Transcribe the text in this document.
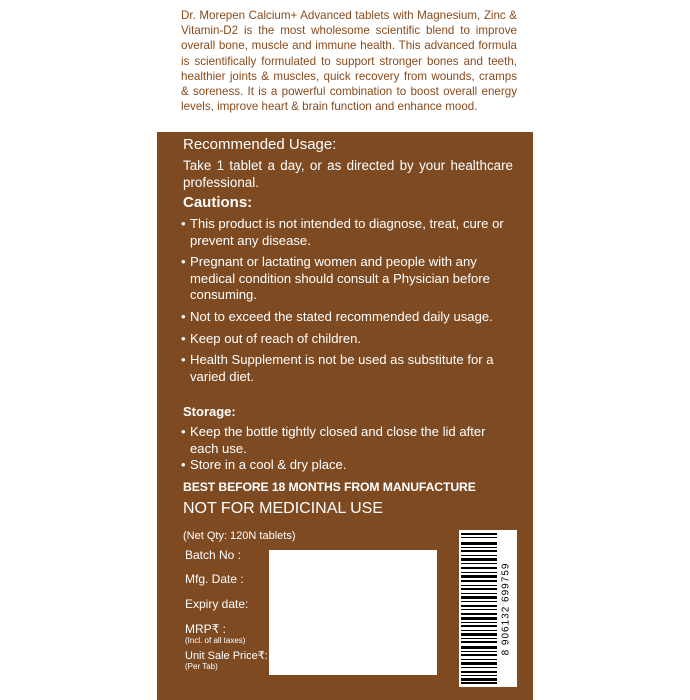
Dr. Morepen Calcium+ Advanced tablets with Magnesium, Zinc & Vitamin-D2 is the most wholesome scientific blend to improve overall bone, muscle and immune health. This advanced formula is scientifically formulated to support stronger bones and teeth, healthier joints & muscles, quick recovery from wounds, cramps & soreness. It is a powerful combination to boost overall energy levels, improve heart & brain function and enhance mood.

Recommended Usage:

Take 1 tablet a day, or as directed by your healthcare professional.

Cautions:

• This product is not intended to diagnose, treat, cure or prevent any disease.
• Pregnant or lactating women and people with any medical condition should consult a Physician before consuming.
• Not to exceed the stated recommended daily usage.
• Keep out of reach of children.
• Health Supplement is not be used as substitute for a varied diet.

Storage:

• Keep the bottle tightly closed and close the lid after each use.
• Store in a cool & dry place.

BEST BEFORE 18 MONTHS FROM MANUFACTURE

NOT FOR MEDICINAL USE

(Net Qty: 120N tablets)

Batch No :

Mfg. Date :

Expiry date:

MRP₹ :

(Incl. of all taxes)

Unit Sale Price₹:

(Per Tab)

8 906132 699759
